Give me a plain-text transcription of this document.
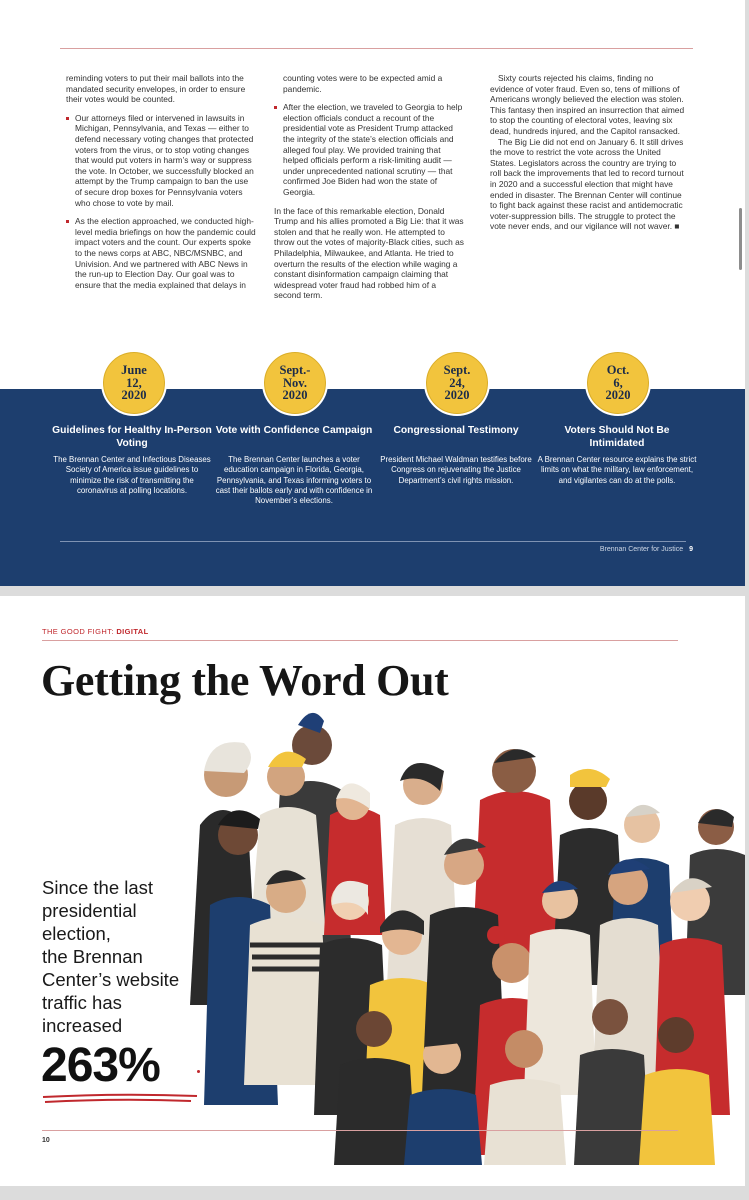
reminding voters to put their mail ballots into the mandated security envelopes, in order to ensure their votes would be counted.

Our attorneys filed or intervened in lawsuits in Michigan, Pennsylvania, and Texas — either to defend necessary voting changes that protected voters from the virus, or to stop voting changes that would put voters in harm’s way or suppress the vote. In October, we successfully blocked an attempt by the Trump campaign to ban the use of secure drop boxes for Pennsylvania voters who chose to vote by mail.

As the election approached, we conducted high-level media briefings on how the pandemic could impact voters and the count. Our experts spoke to the news corps at ABC, NBC/MSNBC, and Univision. And we partnered with ABC News in the run-up to Election Day. Our goal was to ensure that the media explained that delays in

counting votes were to be expected amid a pandemic.

After the election, we traveled to Georgia to help election officials conduct a recount of the presidential vote as President Trump attacked the integrity of the state’s election officials and alleged foul play. We provided training that helped officials perform a risk-limiting audit — under unprecedented national scrutiny — that confirmed Joe Biden had won the state of Georgia.

In the face of this remarkable election, Donald Trump and his allies promoted a Big Lie: that it was stolen and that he really won. He attempted to throw out the votes of majority-Black cities, such as Philadelphia, Milwaukee, and Atlanta. He tried to overturn the results of the election while waging a constant disinformation campaign claiming that widespread voter fraud had robbed him of a second term.

Sixty courts rejected his claims, finding no evidence of voter fraud. Even so, tens of millions of Americans wrongly believed the election was stolen. This fantasy then inspired an insurrection that aimed to stop the counting of electoral votes, leaving six dead, hundreds injured, and the Capitol ransacked.

The Big Lie did not end on January 6. It still drives the move to restrict the vote across the United States. Legislators across the country are trying to roll back the improvements that led to record turnout in 2020 and a successful election that might have ended in disaster. The Brennan Center will continue to fight back against these racist and antidemocratic voter-suppression bills. The struggle to protect the vote never ends, and our vigilance will not waver. ■

June
12,
2020
Sept.-
Nov.
2020
Sept.
24,
2020
Oct.
6,
2020
Guidelines for Healthy In-Person Voting
The Brennan Center and Infectious Diseases Society of America issue guidelines to minimize the risk of transmitting the coronavirus at polling locations.
Vote with Confidence Campaign
The Brennan Center launches a voter education campaign in Florida, Georgia, Pennsylvania, and Texas informing voters to cast their ballots early and with confidence in November’s elections.
Congressional Testimony
President Michael Waldman testifies before Congress on rejuvenating the Justice Department’s civil rights mission.
Voters Should Not Be Intimidated
A Brennan Center resource explains the strict limits on what the military, law enforcement, and vigilantes can do at the polls.
Brennan Center for Justice 9
THE GOOD FIGHT: DIGITAL
Getting the Word Out
Since the last
presidential
election,
the Brennan
Center’s website
traffic has
increased
263%
10
